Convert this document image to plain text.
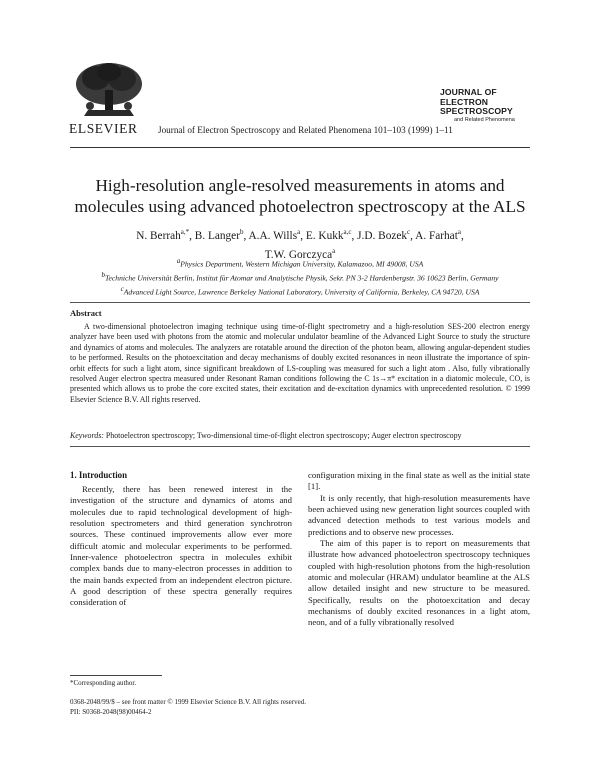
ELSEVIER Journal of Electron Spectroscopy and Related Phenomena 101–103 (1999) 1–11
JOURNAL OF
ELECTRON SPECTROSCOPY
and Related Phenomena
High-resolution angle-resolved measurements in atoms and
molecules using advanced photoelectron spectroscopy at the ALS
N. Berrah$^{a,*}$, B. Langer$^b$, A.A. Wills$^a$, E. Kukk$^{a,c}$, J.D. Bozek$^c$, A. Farhat$^a$,
T.W. Gorczyca$^a$
$^a$Physics Department, Western Michigan University, Kalamazoo, MI 49008, USA
$^b$Techniche Universität Berlin, Institut für Atomar und Analytische Physik, Sekr. PN 3-2 Hardenbergstr. 36 10623 Berlin, Germany
$^c$Advanced Light Source, Lawrence Berkeley National Laboratory, University of California, Berkeley, CA 94720, USA
Abstract
A two-dimensional photoelectron imaging technique using time-of-flight spectrometry and a high-resolution SES-200 electron energy analyzer have been used with photons from the atomic and molecular undulator beamline of the Advanced Light Source to study the structure and dynamics of atoms and molecules. The analyzers are rotatable around the direction of the photon beam, allowing angular-dependent studies to be performed. Results on the photoexcitation and decay mechanisms of doubly excited resonances in neon illustrate the importance of spin-orbit effects for such a light atom, since significant breakdown of LS-coupling was measured for such a light atom . Also, fully vibrationally resolved Auger electron spectra measured under Resonant Raman conditions following the C 1s→π* excitation in a diatomic molecule, CO, is presented which allows us to probe the core excited states, their excitation and de-excitation dynamics with unprecedented resolution. © 1999 Elsevier Science B.V. All rights reserved.
Keywords: Photoelectron spectroscopy; Two-dimensional time-of-flight electron spectroscopy; Auger electron spectroscopy
1. Introduction

Recently, there has been renewed interest in the investigation of the structure and dynamics of atoms and molecules due to rapid technological development of high-resolution spectrometers and third generation synchrotron sources. These continued improvements allow ever more difficult atomic and molecular experiments to be performed. Inner-valence photoelectron spectra in molecules exhibit complex bands due to many-electron processes in addition to the main bands expected from an independent electron picture. A good description of these spectra generally requires consideration of

configuration mixing in the final state as well as the initial state [1].

It is only recently, that high-resolution measurements have been achieved using new generation light sources coupled with advanced detection methods to test various models and predictions and to observe new processes.

The aim of this paper is to report on measurements that illustrate how advanced photoelectron spectroscopy techniques coupled with high-resolution photons from the high-resolution atomic and molecular (HRAM) undulator beamline at the ALS allow detailed insight and new structure to be measured. Specifically, results on the photoexcitation and decay mechanisms of doubly excited resonances in a light atom, neon, and of a fully vibrationally resolved

*Corresponding author.
0368-2048/99/$ – see front matter © 1999 Elsevier Science B.V. All rights reserved.
PII: S0368-2048(98)00464-2
